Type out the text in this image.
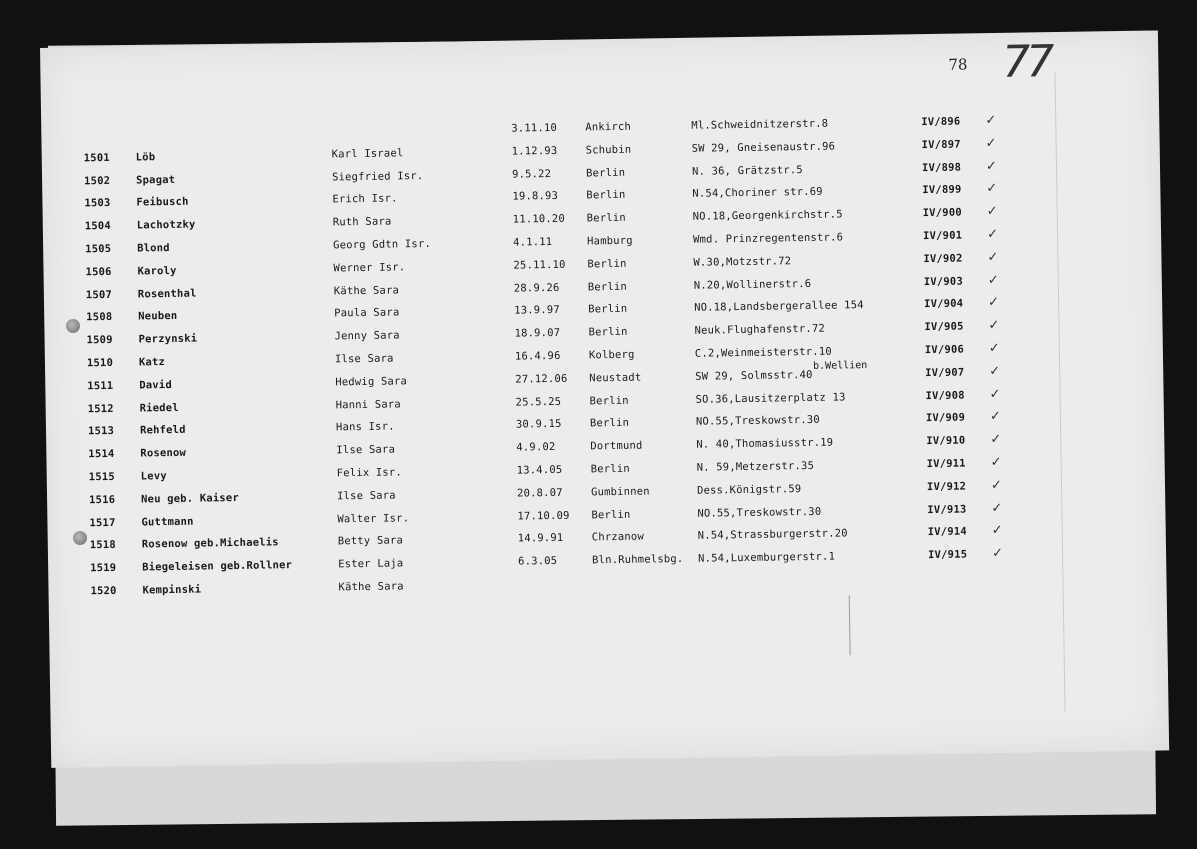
78 77
b.Wellien
3.11.10	Ankirch	Ml.Schweidnitzerstr.8	IV/896 ✓
1501 Löb	Karl Israel	1.12.93	Schubin	SW 29, Gneisenaustr.96	IV/897 ✓
1502 Spagat	Siegfried Isr.	9.5.22	Berlin	N. 36, Grätzstr.5	IV/898 ✓
1503 Feibusch	Erich Isr.	19.8.93	Berlin	N.54,Choriner str.69	IV/899 ✓
1504 Lachotzky	Ruth Sara	11.10.20 Berlin	NO.18,Georgenkirchstr.5	IV/900 ✓
1505 Blond	Georg Gdtn Isr.	4.1.11	Hamburg	Wmd. Prinzregentenstr.6	IV/901 ✓
1506 Karoly	Werner Isr.	25.11.10 Berlin	W.30,Motzstr.72	IV/902 ✓
1507 Rosenthal	Käthe Sara	28.9.26	Berlin	N.20,Wollinerstr.6	IV/903 ✓
1508 Neuben	Paula Sara	13.9.97	Berlin	NO.18,Landsbergerallee 154	IV/904 ✓
1509 Perzynski	Jenny Sara	18.9.07	Berlin	Neuk.Flughafenstr.72	IV/905 ✓
1510 Katz	Ilse Sara	16.4.96	Kolberg	C.2,Weinmeisterstr.10	IV/906 ✓
1511 David	Hedwig Sara	27.12.06 Neustadt	SW 29, Solmsstr.40	IV/907 ✓
1512 Riedel	Hanni Sara	25.5.25	Berlin	SO.36,Lausitzerplatz 13	IV/908 ✓
1513 Rehfeld	Hans Isr.	30.9.15	Berlin	NO.55,Treskowstr.30	IV/909 ✓
1514 Rosenow	Ilse Sara	4.9.02	Dortmund	N. 40,Thomasiusstr.19	IV/910 ✓
1515 Levy	Felix Isr.	13.4.05	Berlin	N. 59,Metzerstr.35	IV/911 ✓
1516 Neu geb. Kaiser	Ilse Sara	20.8.07	Gumbinnen	Dess.Königstr.59	IV/912 ✓
1517 Guttmann	Walter Isr.	17.10.09 Berlin	NO.55,Treskowstr.30	IV/913 ✓
1518 Rosenow geb.Michaelis	Betty Sara	14.9.91	Chrzanow	N.54,Strassburgerstr.20	IV/914 ✓
1519 Biegeleisen geb.Rollner	Ester Laja	6.3.05	Bln.Ruhmelsbg. N.54,Luxemburgerstr.1	IV/915 ✓
1520 Kempinski	Käthe Sara
